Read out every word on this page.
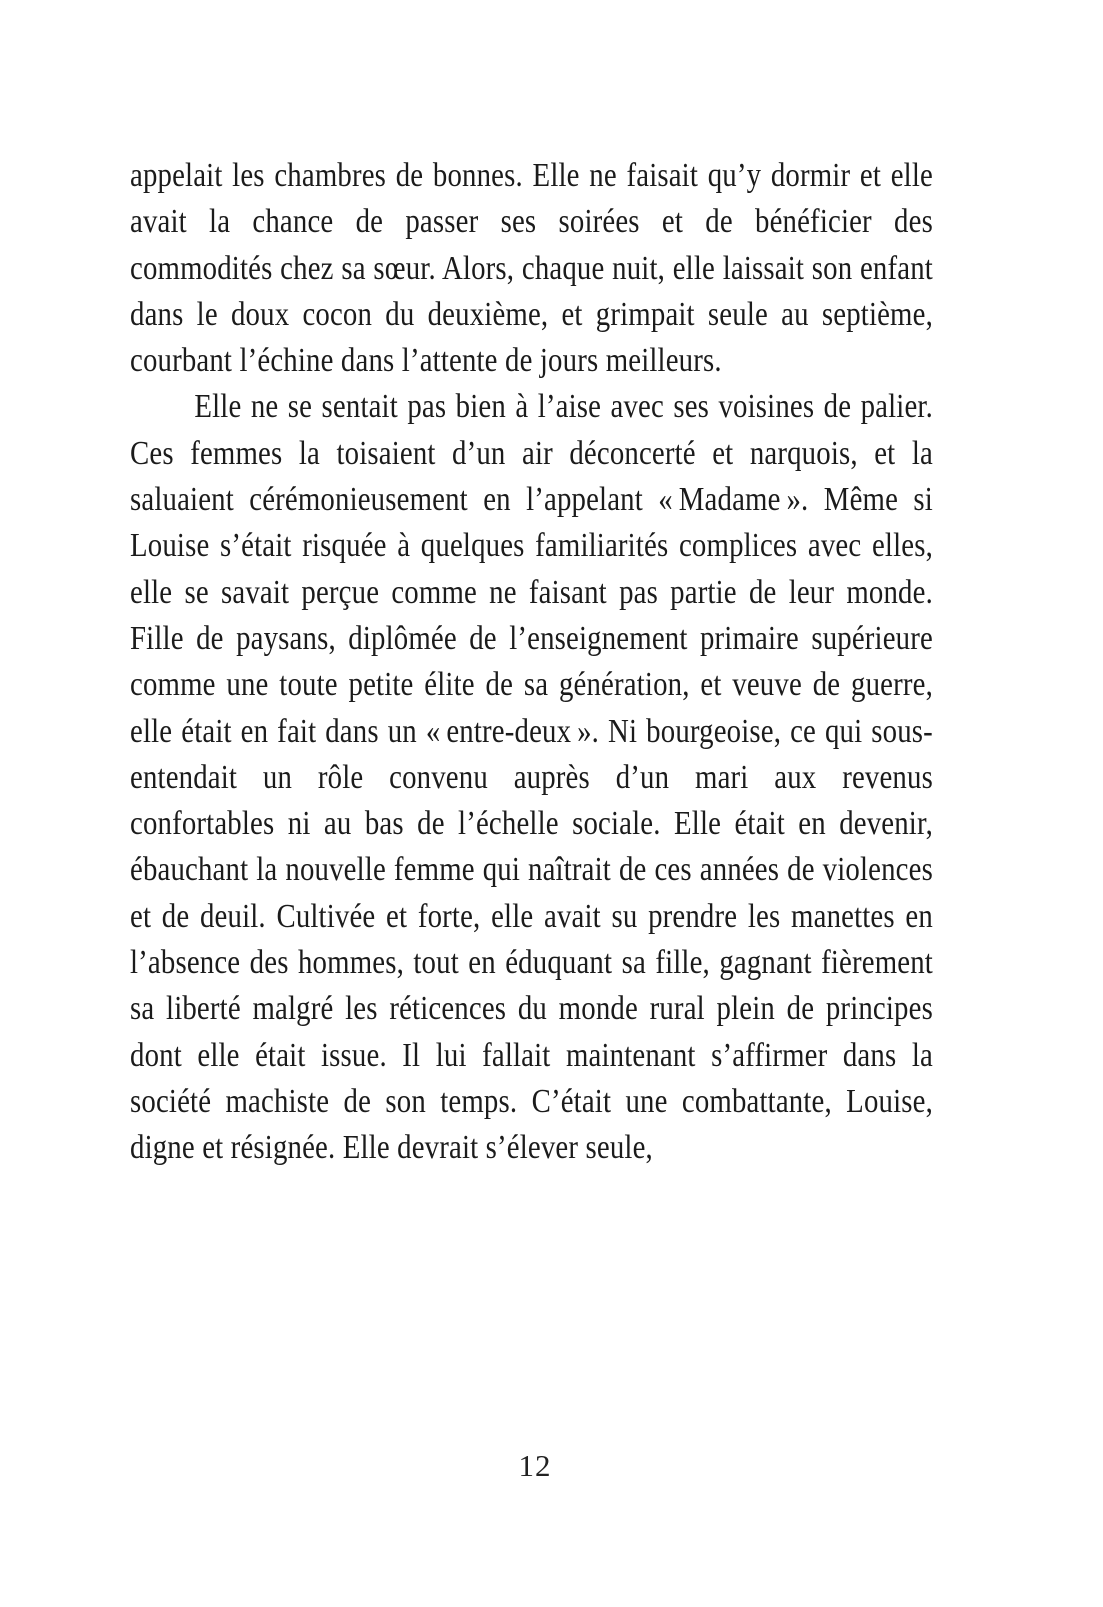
appelait les chambres de bonnes. Elle ne faisait qu’y dormir et elle avait la chance de passer ses soirées et de bénéficier des commodités chez sa sœur. Alors, chaque nuit, elle laissait son enfant dans le doux cocon du deuxième, et grimpait seule au septième, courbant l’échine dans l’attente de jours meilleurs.

Elle ne se sentait pas bien à l’aise avec ses voisines de palier. Ces femmes la toisaient d’un air déconcerté et narquois, et la saluaient cérémonieusement en l’appelant « Madame ». Même si Louise s’était risquée à quelques familiarités complices avec elles, elle se savait perçue comme ne faisant pas partie de leur monde. Fille de paysans, diplômée de l’enseignement primaire supérieure comme une toute petite élite de sa génération, et veuve de guerre, elle était en fait dans un « entre-deux ». Ni bourgeoise, ce qui sous-entendait un rôle convenu auprès d’un mari aux revenus confortables ni au bas de l’échelle sociale. Elle était en devenir, ébauchant la nouvelle femme qui naîtrait de ces années de violences et de deuil. Cultivée et forte, elle avait su prendre les manettes en l’absence des hommes, tout en éduquant sa fille, gagnant fièrement sa liberté malgré les réticences du monde rural plein de principes dont elle était issue. Il lui fallait maintenant s’affirmer dans la société machiste de son temps. C’était une combattante, Louise, digne et résignée. Elle devrait s’élever seule,

12
